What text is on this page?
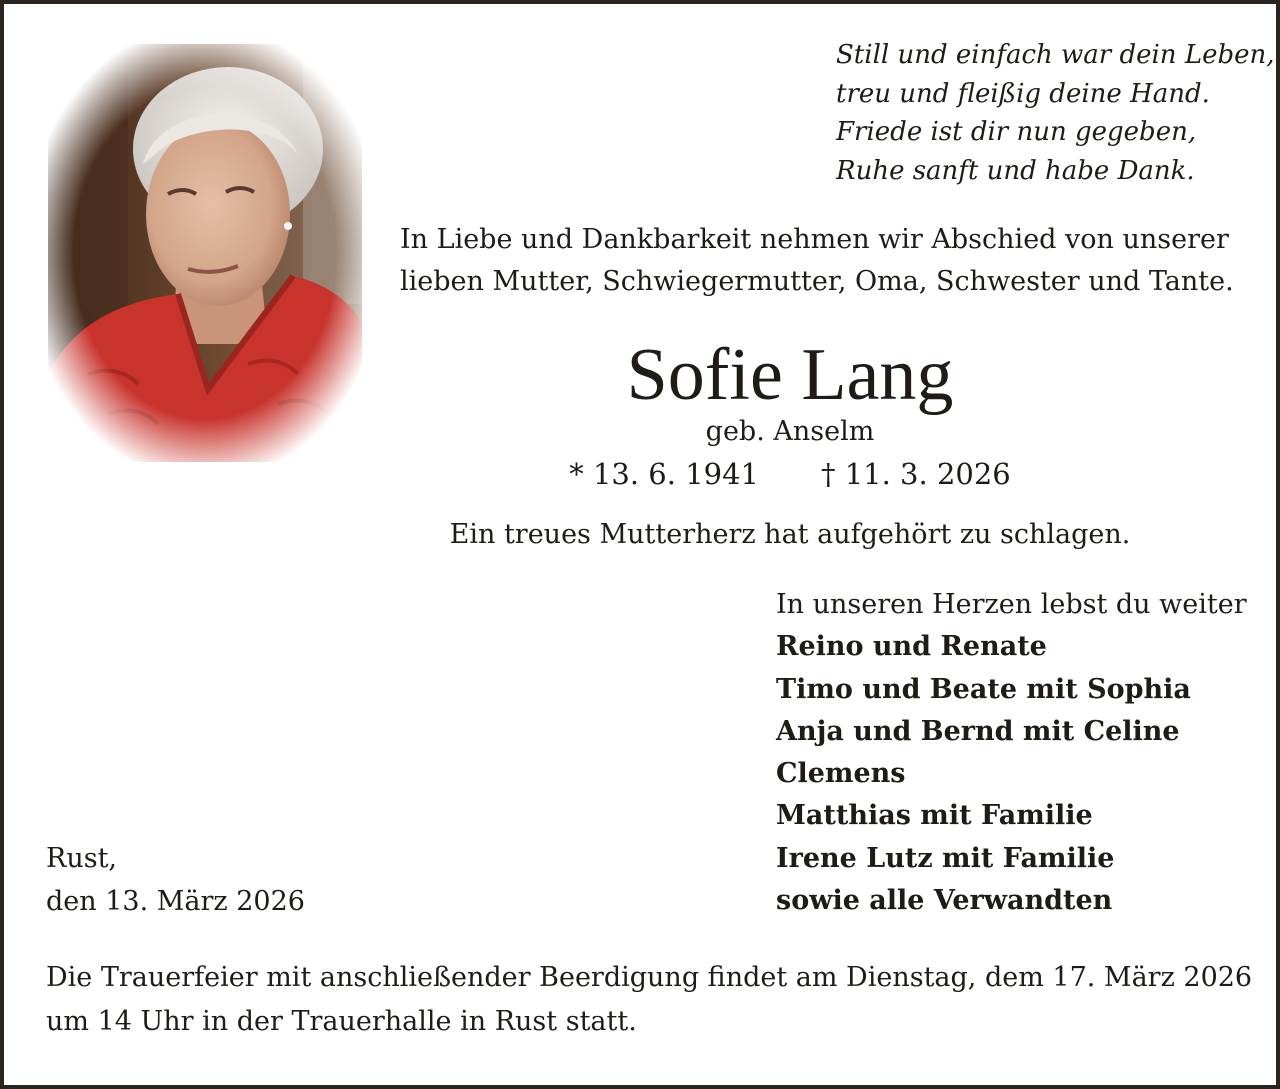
Still und einfach war dein Leben,
treu und fleißig deine Hand.
Friede ist dir nun gegeben,
Ruhe sanft und habe Dank.
In Liebe und Dankbarkeit nehmen wir Abschied von unserer
lieben Mutter, Schwiegermutter, Oma, Schwester und Tante.
Sofie Lang
geb. Anselm
* 13. 6. 1941 † 11. 3. 2026
Ein treues Mutterherz hat aufgehört zu schlagen.
In unseren Herzen lebst du weiter
Reino und Renate
Timo und Beate mit Sophia
Anja und Bernd mit Celine
Clemens
Matthias mit Familie
Irene Lutz mit Familie
sowie alle Verwandten
Rust,
den 13. März 2026
Die Trauerfeier mit anschließender Beerdigung findet am Dienstag, dem 17. März 2026
um 14 Uhr in der Trauerhalle in Rust statt.
